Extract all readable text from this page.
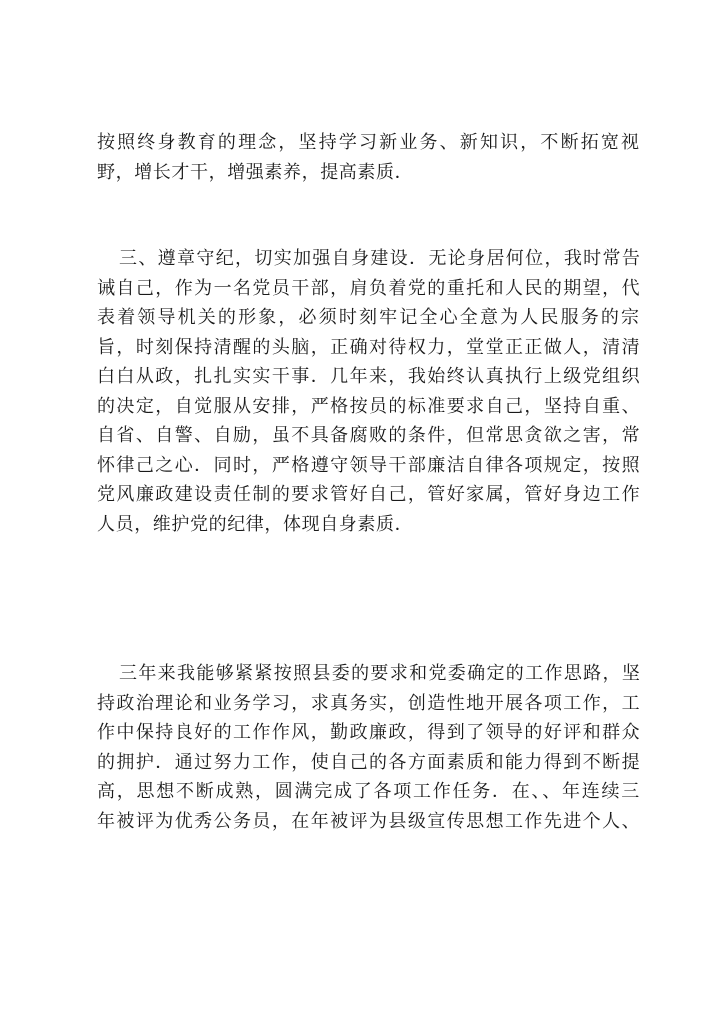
按照终身教育的理念，坚持学习新业务、新知识，不断拓宽视
野，增长才干，增强素养，提高素质．
三、遵章守纪，切实加强自身建设．无论身居何位，我时常告
诫自己，作为一名党员干部，肩负着党的重托和人民的期望，代
表着领导机关的形象，必须时刻牢记全心全意为人民服务的宗
旨，时刻保持清醒的头脑，正确对待权力，堂堂正正做人，清清
白白从政，扎扎实实干事．几年来，我始终认真执行上级党组织
的决定，自觉服从安排，严格按员的标准要求自己，坚持自重、
自省、自警、自励，虽不具备腐败的条件，但常思贪欲之害，常
怀律己之心．同时，严格遵守领导干部廉洁自律各项规定，按照
党风廉政建设责任制的要求管好自己，管好家属，管好身边工作
人员，维护党的纪律，体现自身素质．
三年来我能够紧紧按照县委的要求和党委确定的工作思路，坚
持政治理论和业务学习，求真务实，创造性地开展各项工作，工
作中保持良好的工作作风，勤政廉政，得到了领导的好评和群众
的拥护．通过努力工作，使自己的各方面素质和能力得到不断提
高，思想不断成熟，圆满完成了各项工作任务．在、、年连续三
年被评为优秀公务员，在年被评为县级宣传思想工作先进个人、
